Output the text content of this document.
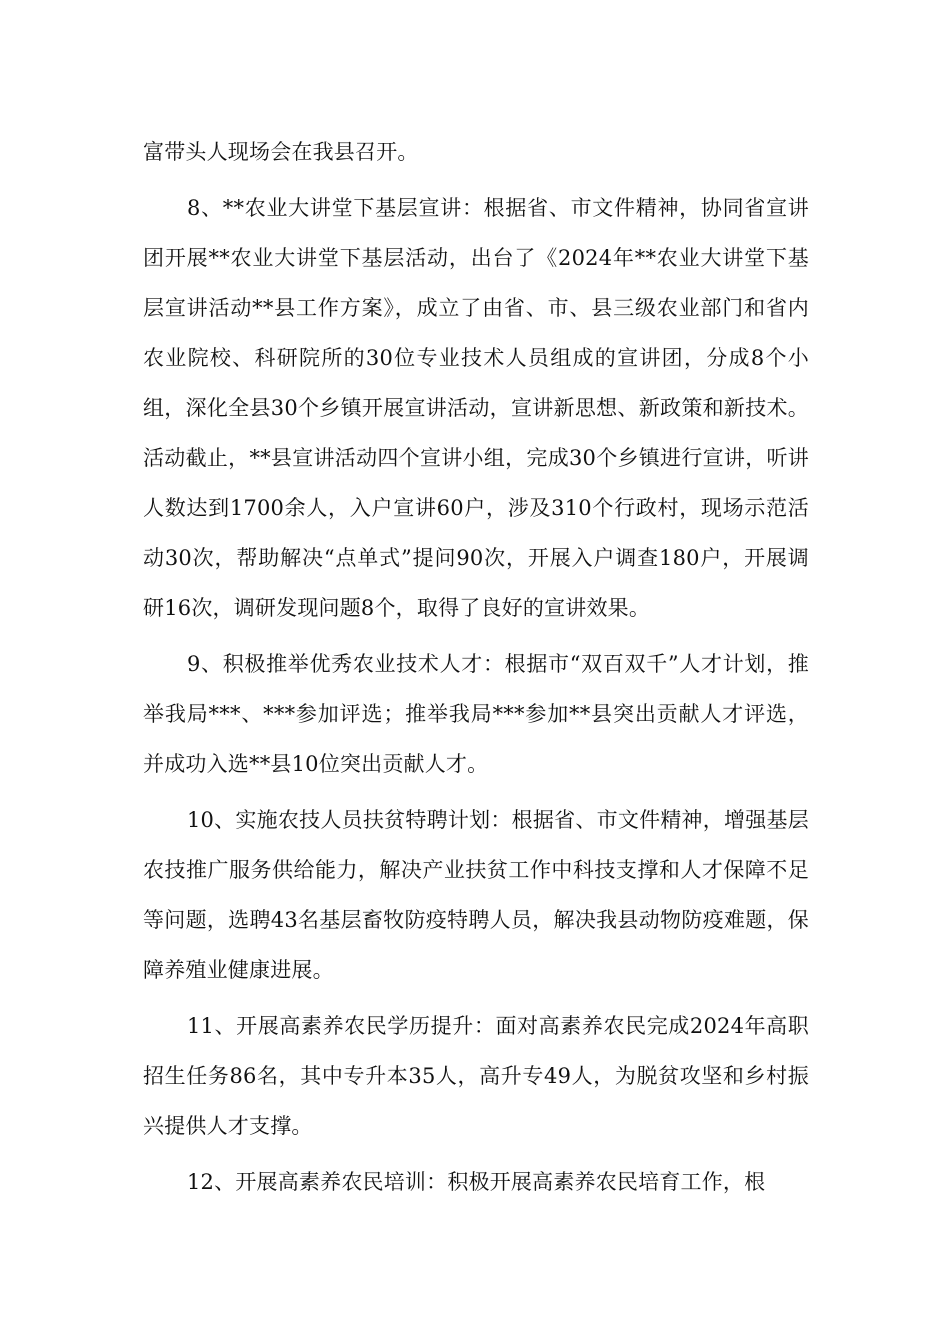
富带头人现场会在我县召开。

8、**农业大讲堂下基层宣讲：根据省、市文件精神，协同省宣讲团开展**农业大讲堂下基层活动，出台了《2024年**农业大讲堂下基层宣讲活动**县工作方案》，成立了由省、市、县三级农业部门和省内农业院校、科研院所的30位专业技术人员组成的宣讲团，分成8个小组，深化全县30个乡镇开展宣讲活动，宣讲新思想、新政策和新技术。活动截止，**县宣讲活动四个宣讲小组，完成30个乡镇进行宣讲，听讲人数达到1700余人，入户宣讲60户，涉及310个行政村，现场示范活动30次，帮助解决“点单式”提问90次，开展入户调查180户，开展调研16次，调研发现问题8个，取得了良好的宣讲效果。

9、积极推举优秀农业技术人才：根据市“双百双千”人才计划，推举我局***、***参加评选；推举我局***参加**县突出贡献人才评选，并成功入选**县10位突出贡献人才。

10、实施农技人员扶贫特聘计划：根据省、市文件精神，增强基层农技推广服务供给能力，解决产业扶贫工作中科技支撑和人才保障不足等问题，选聘43名基层畜牧防疫特聘人员，解决我县动物防疫难题，保障养殖业健康进展。

11、开展高素养农民学历提升：面对高素养农民完成2024年高职招生任务86名，其中专升本35人，高升专49人，为脱贫攻坚和乡村振兴提供人才支撑。

12、开展高素养农民培训：积极开展高素养农民培育工作，根
